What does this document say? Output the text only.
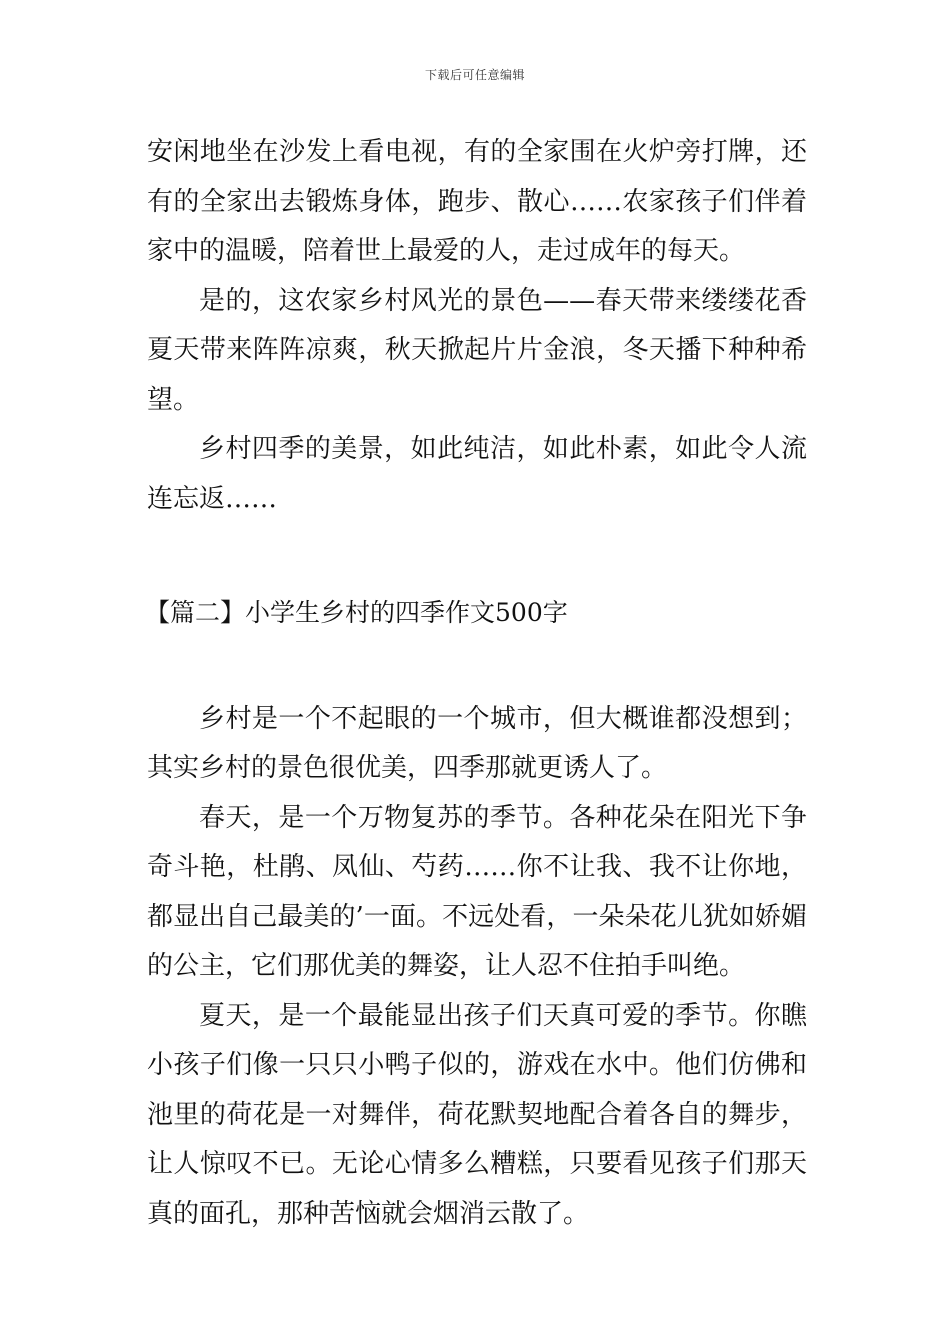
下载后可任意编辑

安闲地坐在沙发上看电视，有的全家围在火炉旁打牌，还有的全家出去锻炼身体，跑步、散心……农家孩子们伴着家中的温暖，陪着世上最爱的人，走过成年的每天。

是的，这农家乡村风光的景色——春天带来缕缕花香夏天带来阵阵凉爽，秋天掀起片片金浪，冬天播下种种希望。

乡村四季的美景，如此纯洁，如此朴素，如此令人流连忘返……

【篇二】小学生乡村的四季作文500字

乡村是一个不起眼的一个城市，但大概谁都没想到；其实乡村的景色很优美，四季那就更诱人了。

春天，是一个万物复苏的季节。各种花朵在阳光下争奇斗艳，杜鹃、凤仙、芍药……你不让我、我不让你地，都显出自己最美的’一面。不远处看，一朵朵花儿犹如娇媚的公主，它们那优美的舞姿，让人忍不住拍手叫绝。

夏天，是一个最能显出孩子们天真可爱的季节。你瞧小孩子们像一只只小鸭子似的，游戏在水中。他们仿佛和池里的荷花是一对舞伴，荷花默契地配合着各自的舞步，让人惊叹不已。无论心情多么糟糕，只要看见孩子们那天真的面孔，那种苦恼就会烟消云散了。
